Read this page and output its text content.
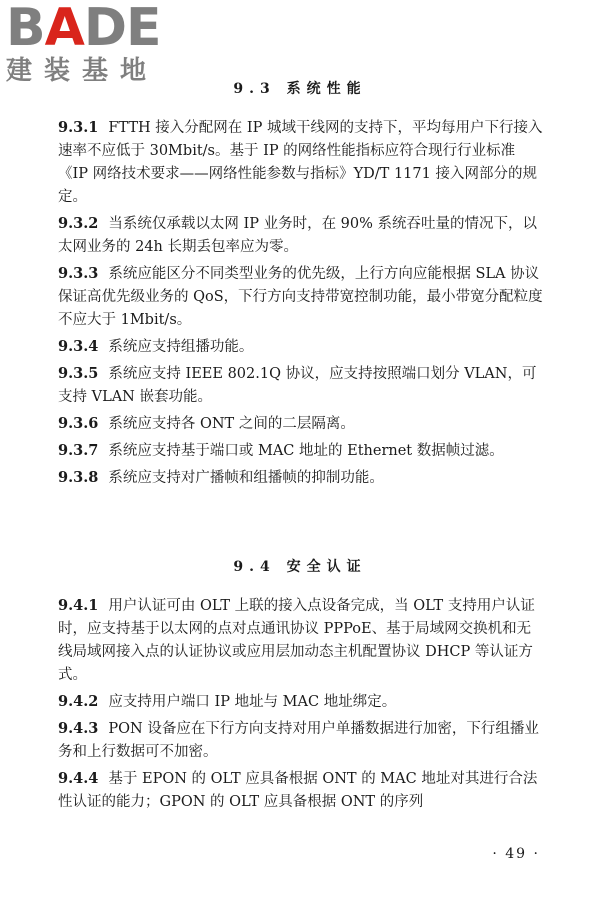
BADE
建装基地
9.3 系统性能

9.3.1 FTTH 接入分配网在 IP 城域干线网的支持下，平均每用户下行接入速率不应低于 30Mbit/s。基于 IP 的网络性能指标应符合现行行业标准《IP 网络技术要求——网络性能参数与指标》YD/T 1171 接入网部分的规定。

9.3.2 当系统仅承载以太网 IP 业务时，在 90% 系统吞吐量的情况下，以太网业务的 24h 长期丢包率应为零。

9.3.3 系统应能区分不同类型业务的优先级，上行方向应能根据 SLA 协议保证高优先级业务的 QoS，下行方向支持带宽控制功能，最小带宽分配粒度不应大于 1Mbit/s。

9.3.4 系统应支持组播功能。

9.3.5 系统应支持 IEEE 802.1Q 协议，应支持按照端口划分 VLAN，可支持 VLAN 嵌套功能。

9.3.6 系统应支持各 ONT 之间的二层隔离。

9.3.7 系统应支持基于端口或 MAC 地址的 Ethernet 数据帧过滤。

9.3.8 系统应支持对广播帧和组播帧的抑制功能。

9.4 安全认证

9.4.1 用户认证可由 OLT 上联的接入点设备完成，当 OLT 支持用户认证时，应支持基于以太网的点对点通讯协议 PPPoE、基于局域网交换机和无线局域网接入点的认证协议或应用层加动态主机配置协议 DHCP 等认证方式。

9.4.2 应支持用户端口 IP 地址与 MAC 地址绑定。

9.4.3 PON 设备应在下行方向支持对用户单播数据进行加密，下行组播业务和上行数据可不加密。

9.4.4 基于 EPON 的 OLT 应具备根据 ONT 的 MAC 地址对其进行合法性认证的能力；GPON 的 OLT 应具备根据 ONT 的序列

· 49 ·
